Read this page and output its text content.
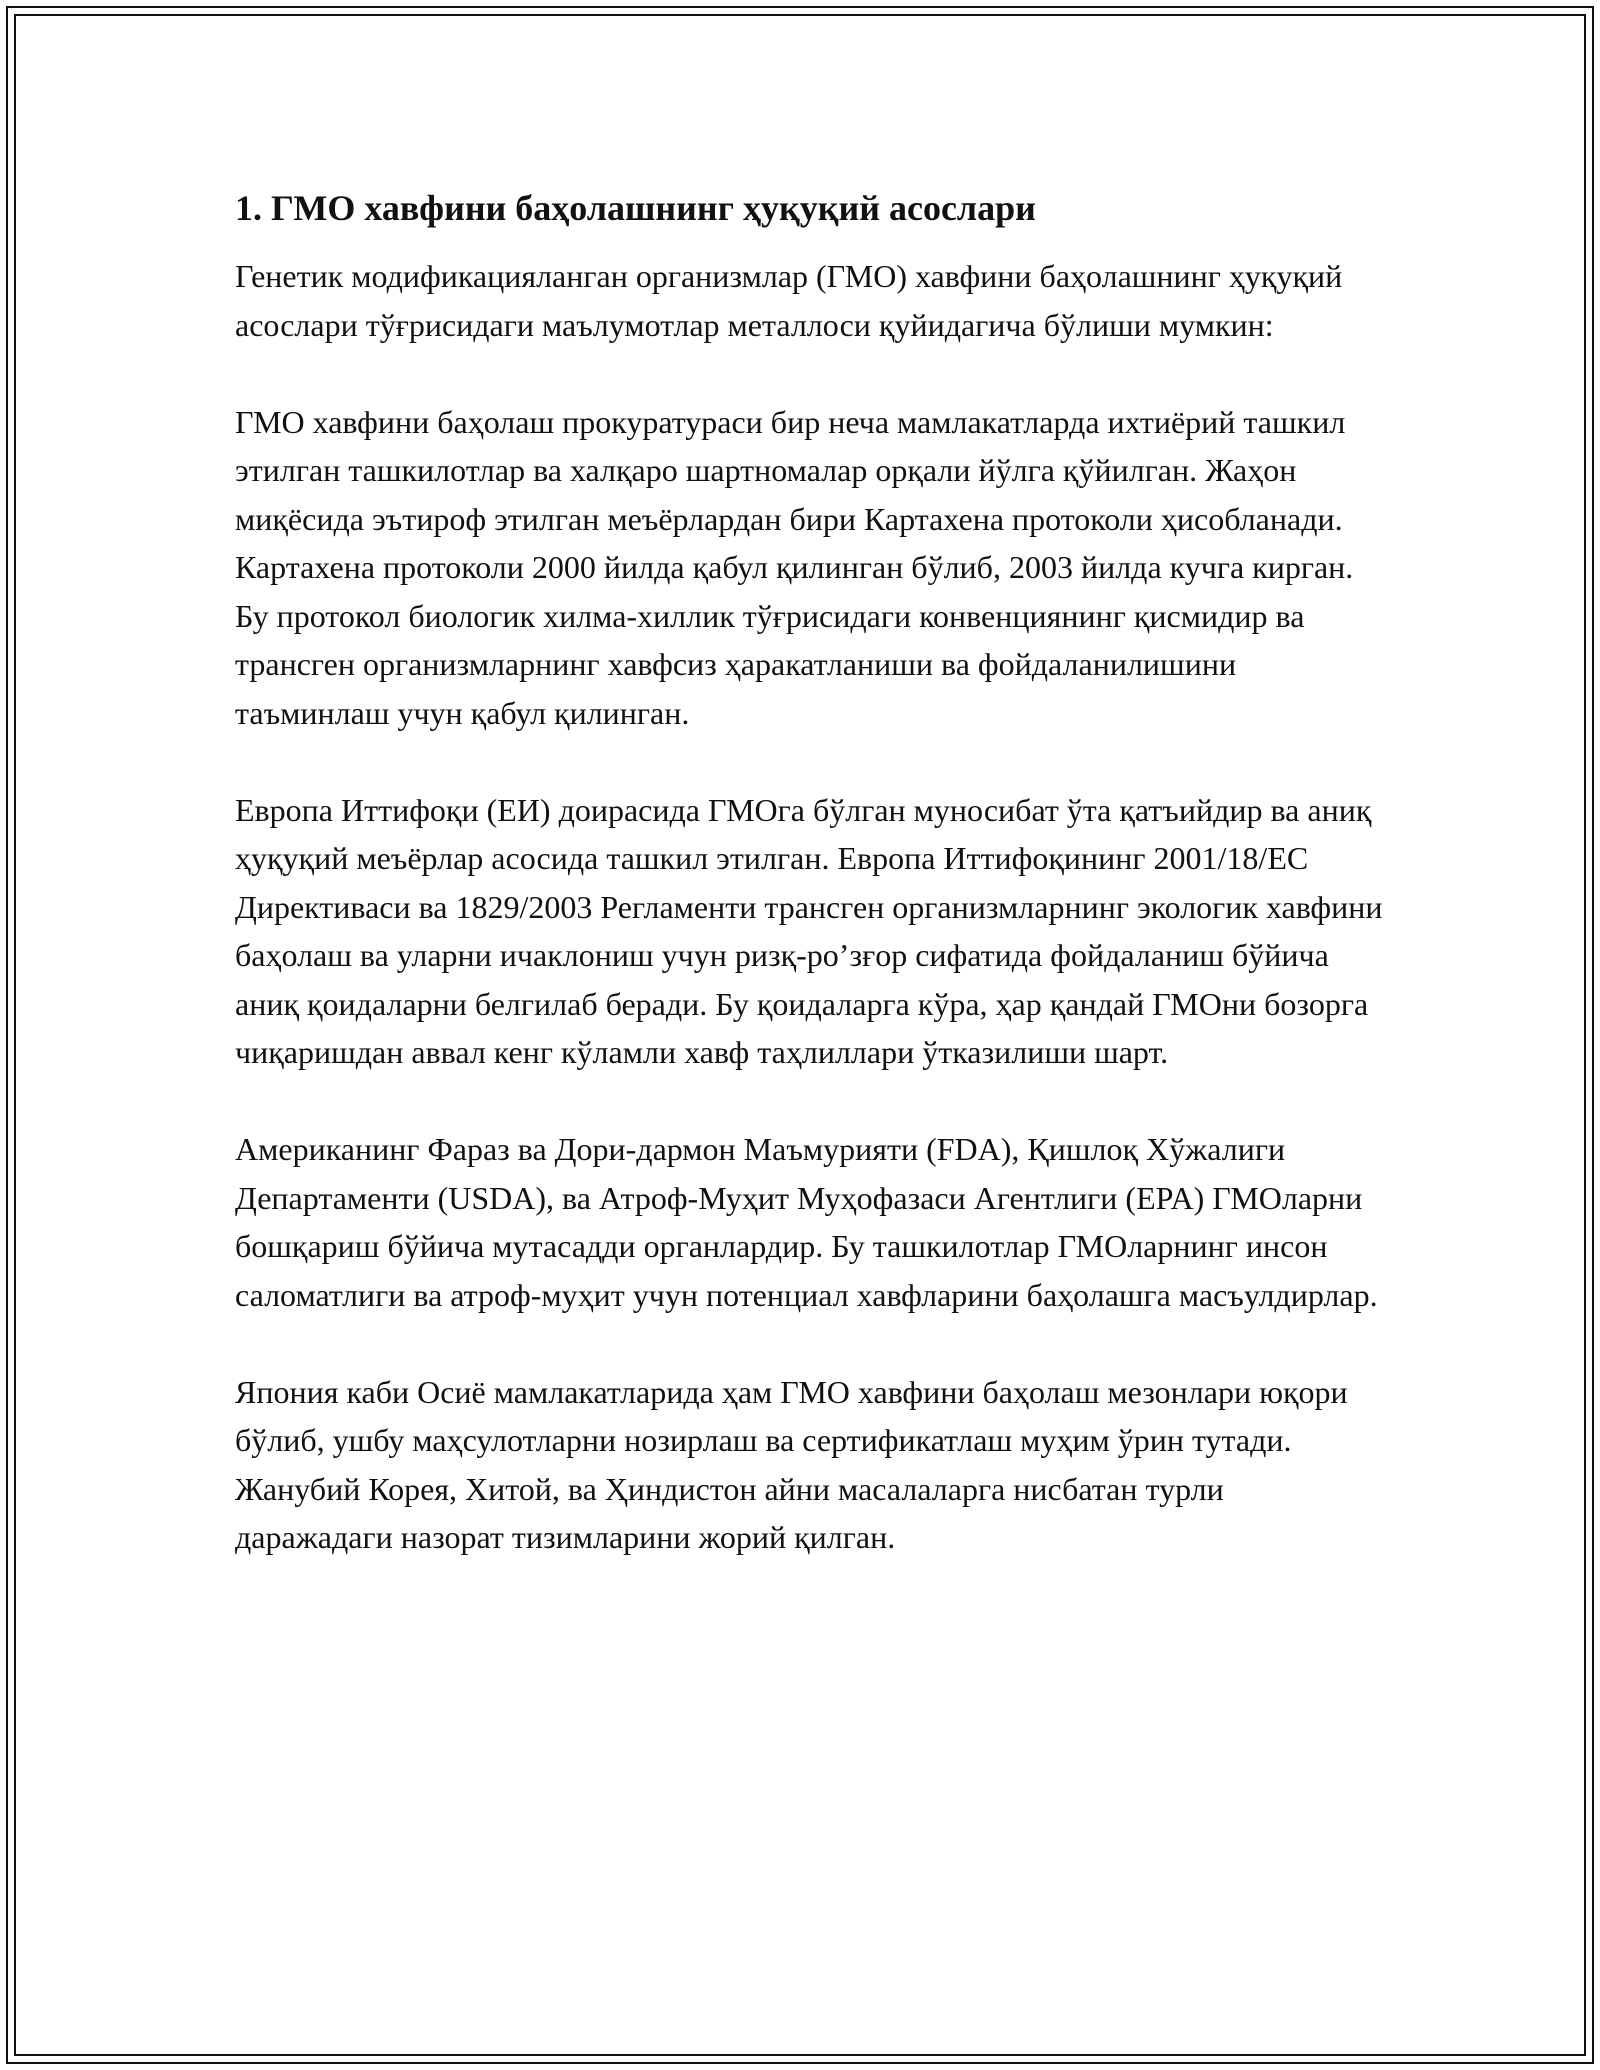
1. ГМО хавфини баҳолашнинг ҳуқуқий асослари

Генетик модификацияланган организмлар (ГМО) хавфини баҳолашнинг ҳуқуқий асослари тўғрисидаги маълумотлар металлоси қуйидагича бўлиши мумкин:

ГМО хавфини баҳолаш прокуратураси бир неча мамлакатларда ихтиёрий ташкил этилган ташкилотлар ва халқаро шартномалар орқали йўлга қўйилган. Жаҳон миқёсида эътироф этилган меъёрлардан бири Картахена протоколи ҳисобланади. Картахена протоколи 2000 йилда қабул қилинган бўлиб, 2003 йилда кучга кирган. Бу протокол биологик хилма-хиллик тўғрисидаги конвенциянинг қисмидир ва трансген организмларнинг хавфсиз ҳаракатланиши ва фойдаланилишини таъминлаш учун қабул қилинган.

Европа Иттифоқи (ЕИ) доирасида ГМОга бўлган муносибат ўта қатъийдир ва аниқ ҳуқуқий меъёрлар асосида ташкил этилган. Европа Иттифоқининг 2001/18/ЕС Директиваси ва 1829/2003 Регламенти трансген организмларнинг экологик хавфини баҳолаш ва уларни ичаклониш учун ризқ-ро’зғор сифатида фойдаланиш бўйича аниқ қоидаларни белгилаб беради. Бу қоидаларга кўра, ҳар қандай ГМОни бозорга чиқаришдан аввал кенг кўламли хавф таҳлиллари ўтказилиши шарт.

Американинг Фараз ва Дори-дармон Маъмурияти (FDA), Қишлоқ Хўжалиги Департаменти (USDA), ва Атроф-Муҳит Муҳофазаси Агентлиги (EPA) ГМОларни бошқариш бўйича мутасадди органлардир. Бу ташкилотлар ГМОларнинг инсон саломатлиги ва атроф-муҳит учун потенциал хавфларини баҳолашга масъулдирлар.

Япония каби Осиё мамлакатларида ҳам ГМО хавфини баҳолаш мезонлари юқори бўлиб, ушбу маҳсулотларни нозирлаш ва сертификатлаш муҳим ўрин тутади. Жанубий Корея, Хитой, ва Ҳиндистон айни масалаларга нисбатан турли даражадаги назорат тизимларини жорий қилган.
